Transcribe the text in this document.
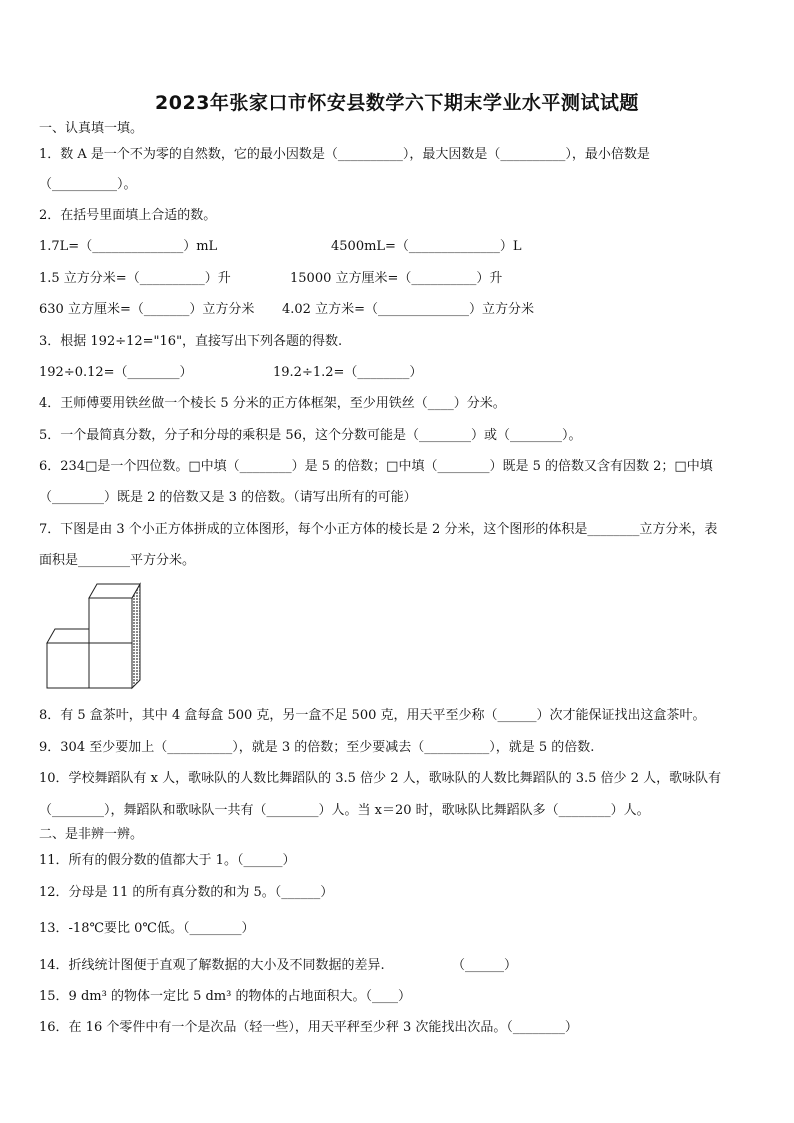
2023年张家口市怀安县数学六下期末学业水平测试试题
一、认真填一填。
1．数 A 是一个不为零的自然数，它的最小因数是（__________），最大因数是（__________），最小倍数是
（__________）。
2．在括号里面填上合适的数。
1.7L=（______________）mL	4500mL=（______________）L
1.5 立方分米=（__________）升	15000 立方厘米=（__________）升
630 立方厘米=（_______）立方分米 4.02 立方米=（______________）立方分米
3．根据 192÷12="16"，直接写出下列各题的得数.
192÷0.12=（________）	19.2÷1.2=（________）
4．王师傅要用铁丝做一个棱长 5 分米的正方体框架，至少用铁丝（____）分米。
5．一个最简真分数，分子和分母的乘积是 56，这个分数可能是（________）或（________）。
6．234□是一个四位数。□中填（________）是 5 的倍数；□中填（________）既是 5 的倍数又含有因数 2；□中填
（________）既是 2 的倍数又是 3 的倍数。（请写出所有的可能）
7．下图是由 3 个小正方体拼成的立体图形，每个小正方体的棱长是 2 分米，这个图形的体积是________立方分米，表
面积是________平方分米。
8．有 5 盒茶叶，其中 4 盒每盒 500 克，另一盒不足 500 克，用天平至少称（______）次才能保证找出这盒茶叶。
9．304 至少要加上（__________），就是 3 的倍数；至少要减去（__________），就是 5 的倍数.
10．学校舞蹈队有 x 人，歌咏队的人数比舞蹈队的 3.5 倍少 2 人，歌咏队的人数比舞蹈队的 3.5 倍少 2 人，歌咏队有
（________），舞蹈队和歌咏队一共有（________）人。当 x＝20 时，歌咏队比舞蹈队多（________）人。
二、是非辨一辨。
11．所有的假分数的值都大于 1。（______）
12．分母是 11 的所有真分数的和为 5。（______）
13．-18℃要比 0℃低。（________）
14．折线统计图便于直观了解数据的大小及不同数据的差异.	（______）
15．9 dm³ 的物体一定比 5 dm³ 的物体的占地面积大。（____）
16．在 16 个零件中有一个是次品（轻一些），用天平秤至少秤 3 次能找出次品。（________）
